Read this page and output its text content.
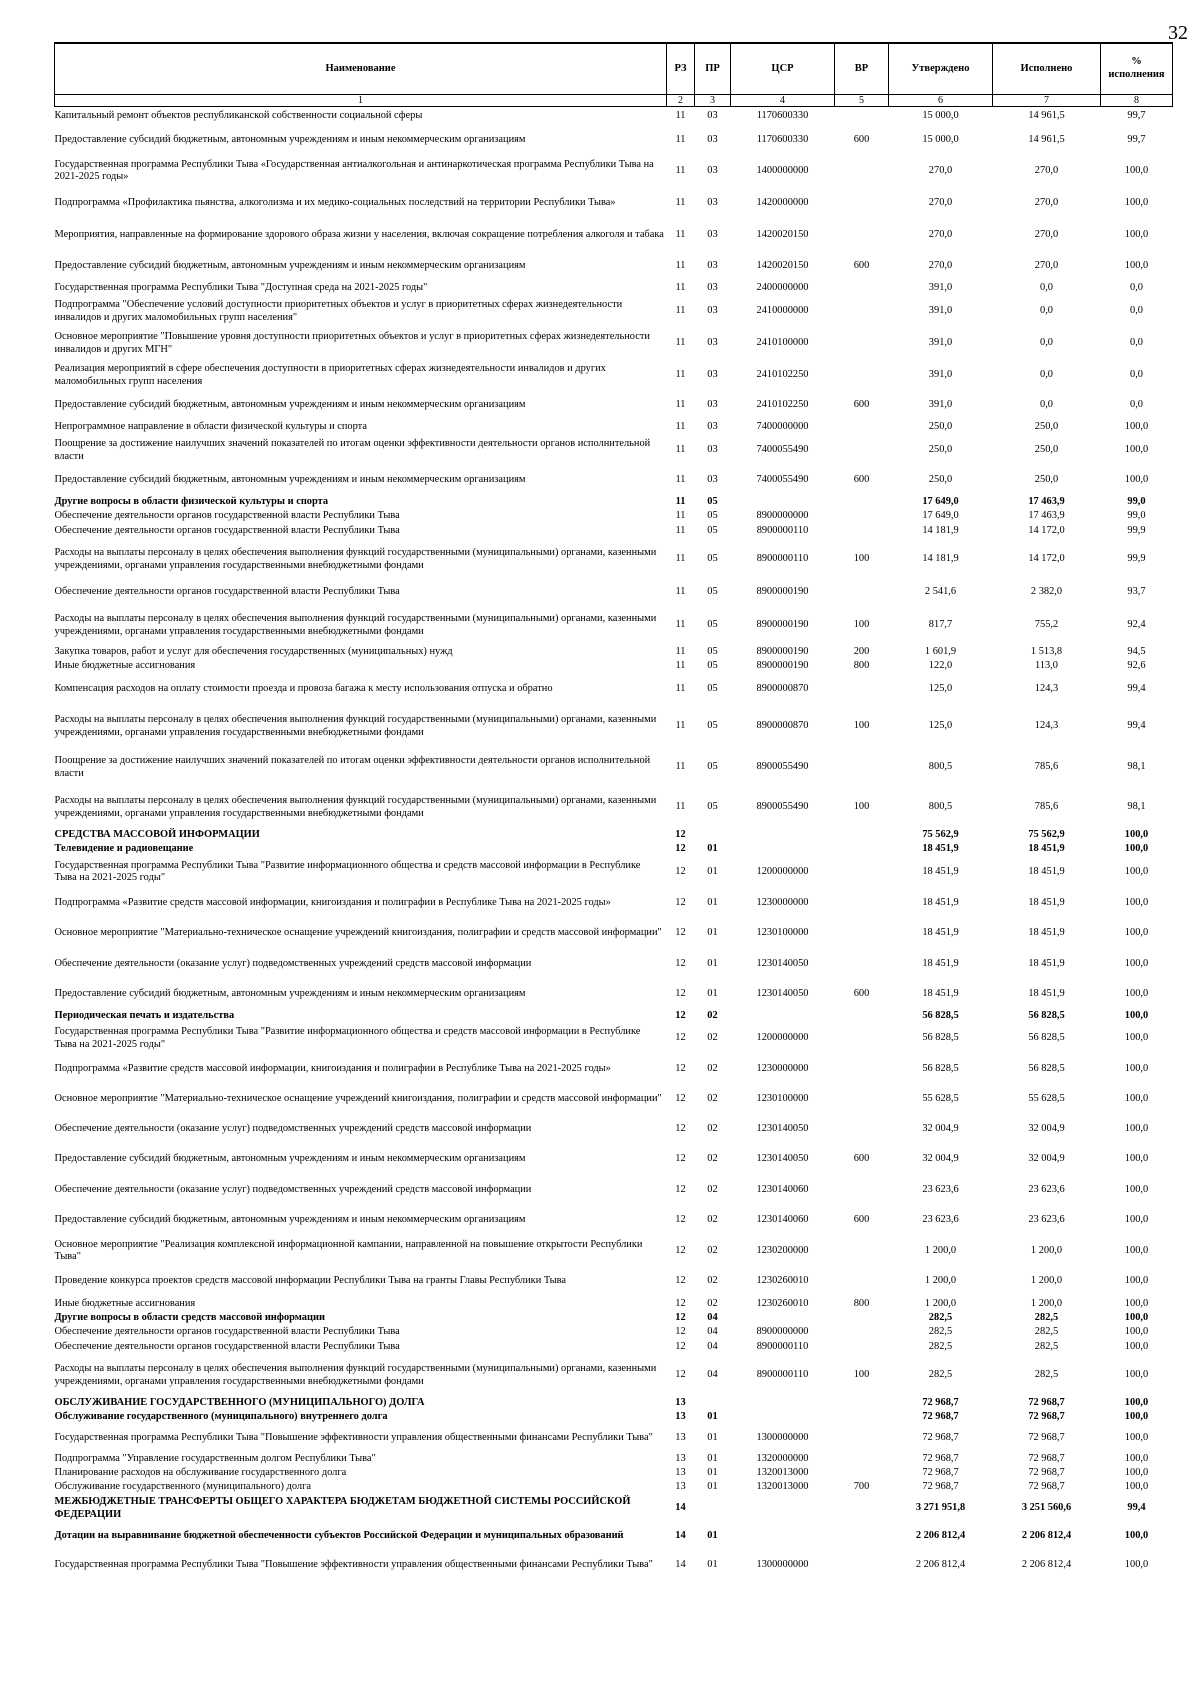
32
Наименование	РЗ	ПР	ЦСР	ВР	Утверждено	Исполнено	%
исполнения
1	2	3	4	5	6	7	8
Капитальный ремонт объектов республиканской собственности социальной сферы	11	03	1170600330		15 000,0	14 961,5	99,7
Предоставление субсидий бюджетным, автономным учреждениям и иным некоммерческим организациям	11	03	1170600330	600	15 000,0	14 961,5	99,7
Государственная программа Республики Тыва «Государственная антиалкогольная и антинаркотическая программа Республики Тыва на 2021-2025 годы»	11	03	1400000000		270,0	270,0	100,0
Подпрограмма «Профилактика пьянства, алкоголизма и их медико-социальных последствий на территории Республики Тыва»	11	03	1420000000		270,0	270,0	100,0
Мероприятия, направленные на формирование здорового образа жизни у населения, включая сокращение потребления алкоголя и табака	11	03	1420020150		270,0	270,0	100,0
Предоставление субсидий бюджетным, автономным учреждениям и иным некоммерческим организациям	11	03	1420020150	600	270,0	270,0	100,0
Государственная программа Республики Тыва "Доступная среда на 2021-2025 годы"	11	03	2400000000		391,0	0,0	0,0
Подпрограмма "Обеспечение условий доступности приоритетных объектов и услуг в приоритетных сферах жизнедеятельности инвалидов и других маломобильных групп населения"	11	03	2410000000		391,0	0,0	0,0
Основное мероприятие "Повышение уровня доступности приоритетных объектов и услуг в приоритетных сферах жизнедеятельности инвалидов и других МГН"	11	03	2410100000		391,0	0,0	0,0
Реализация мероприятий в сфере обеспечения доступности в приоритетных сферах жизнедеятельности инвалидов и других маломобильных групп населения	11	03	2410102250		391,0	0,0	0,0
Предоставление субсидий бюджетным, автономным учреждениям и иным некоммерческим организациям	11	03	2410102250	600	391,0	0,0	0,0
Непрограммное направление в области физической культуры и спорта	11	03	7400000000		250,0	250,0	100,0
Поощрение за достижение наилучших значений показателей по итогам оценки эффективности деятельности органов исполнительной власти	11	03	7400055490		250,0	250,0	100,0
Предоставление субсидий бюджетным, автономным учреждениям и иным некоммерческим организациям	11	03	7400055490	600	250,0	250,0	100,0
Другие вопросы в области физической культуры и спорта	11	05			17 649,0	17 463,9	99,0
Обеспечение деятельности органов государственной власти Республики Тыва	11	05	8900000000		17 649,0	17 463,9	99,0
Обеспечение деятельности органов государственной власти Республики Тыва	11	05	8900000110		14 181,9	14 172,0	99,9
Расходы на выплаты персоналу в целях обеспечения выполнения функций государственными (муниципальными) органами, казенными учреждениями, органами управления государственными внебюджетными фондами	11	05	8900000110	100	14 181,9	14 172,0	99,9
Обеспечение деятельности органов государственной власти Республики Тыва	11	05	8900000190		2 541,6	2 382,0	93,7
Расходы на выплаты персоналу в целях обеспечения выполнения функций государственными (муниципальными) органами, казенными учреждениями, органами управления государственными внебюджетными фондами	11	05	8900000190	100	817,7	755,2	92,4
Закупка товаров, работ и услуг для обеспечения государственных (муниципальных) нужд	11	05	8900000190	200	1 601,9	1 513,8	94,5
Иные бюджетные ассигнования	11	05	8900000190	800	122,0	113,0	92,6
Компенсация расходов на оплату стоимости проезда и провоза багажа к месту использования отпуска и обратно	11	05	8900000870		125,0	124,3	99,4
Расходы на выплаты персоналу в целях обеспечения выполнения функций государственными (муниципальными) органами, казенными учреждениями, органами управления государственными внебюджетными фондами	11	05	8900000870	100	125,0	124,3	99,4
Поощрение за достижение наилучших значений показателей по итогам оценки эффективности деятельности органов исполнительной власти	11	05	8900055490		800,5	785,6	98,1
Расходы на выплаты персоналу в целях обеспечения выполнения функций государственными (муниципальными) органами, казенными учреждениями, органами управления государственными внебюджетными фондами	11	05	8900055490	100	800,5	785,6	98,1
СРЕДСТВА МАССОВОЙ ИНФОРМАЦИИ	12				75 562,9	75 562,9	100,0
Телевидение и радиовещание	12	01			18 451,9	18 451,9	100,0
Государственная программа Республики Тыва "Развитие информационного общества и средств массовой информации в Республике Тыва на 2021-2025 годы"	12	01	1200000000		18 451,9	18 451,9	100,0
Подпрограмма «Развитие средств массовой информации, книгоиздания и полиграфии в Республике Тыва на 2021-2025 годы»	12	01	1230000000		18 451,9	18 451,9	100,0
Основное мероприятие "Материально-техническое оснащение учреждений книгоиздания, полиграфии и средств массовой информации"	12	01	1230100000		18 451,9	18 451,9	100,0
Обеспечение деятельности (оказание услуг) подведомственных учреждений средств массовой информации	12	01	1230140050		18 451,9	18 451,9	100,0
Предоставление субсидий бюджетным, автономным учреждениям и иным некоммерческим организациям	12	01	1230140050	600	18 451,9	18 451,9	100,0
Периодическая печать и издательства	12	02			56 828,5	56 828,5	100,0
Государственная программа Республики Тыва "Развитие информационного общества и средств массовой информации в Республике Тыва на 2021-2025 годы"	12	02	1200000000		56 828,5	56 828,5	100,0
Подпрограмма «Развитие средств массовой информации, книгоиздания и полиграфии в Республике Тыва на 2021-2025 годы»	12	02	1230000000		56 828,5	56 828,5	100,0
Основное мероприятие "Материально-техническое оснащение учреждений книгоиздания, полиграфии и средств массовой информации"	12	02	1230100000		55 628,5	55 628,5	100,0
Обеспечение деятельности (оказание услуг) подведомственных учреждений средств массовой информации	12	02	1230140050		32 004,9	32 004,9	100,0
Предоставление субсидий бюджетным, автономным учреждениям и иным некоммерческим организациям	12	02	1230140050	600	32 004,9	32 004,9	100,0
Обеспечение деятельности (оказание услуг) подведомственных учреждений средств массовой информации	12	02	1230140060		23 623,6	23 623,6	100,0
Предоставление субсидий бюджетным, автономным учреждениям и иным некоммерческим организациям	12	02	1230140060	600	23 623,6	23 623,6	100,0
Основное мероприятие "Реализация комплексной информационной кампании, направленной на повышение открытости Республики Тыва"	12	02	1230200000		1 200,0	1 200,0	100,0
Проведение конкурса проектов средств массовой информации Республики Тыва на гранты Главы Республики Тыва	12	02	1230260010		1 200,0	1 200,0	100,0
Иные бюджетные ассигнования	12	02	1230260010	800	1 200,0	1 200,0	100,0
Другие вопросы в области средств массовой информации	12	04			282,5	282,5	100,0
Обеспечение деятельности органов государственной власти Республики Тыва	12	04	8900000000		282,5	282,5	100,0
Обеспечение деятельности органов государственной власти Республики Тыва	12	04	8900000110		282,5	282,5	100,0
Расходы на выплаты персоналу в целях обеспечения выполнения функций государственными (муниципальными) органами, казенными учреждениями, органами управления государственными внебюджетными фондами	12	04	8900000110	100	282,5	282,5	100,0
ОБСЛУЖИВАНИЕ ГОСУДАРСТВЕННОГО (МУНИЦИПАЛЬНОГО) ДОЛГА	13				72 968,7	72 968,7	100,0
Обслуживание государственного (муниципального) внутреннего долга	13	01			72 968,7	72 968,7	100,0
Государственная программа Республики Тыва "Повышение эффективности управления общественными финансами Республики Тыва"	13	01	1300000000		72 968,7	72 968,7	100,0
Подпрограмма "Управление государственным долгом Республики Тыва"	13	01	1320000000		72 968,7	72 968,7	100,0
Планирование расходов на обслуживание государственного долга	13	01	1320013000		72 968,7	72 968,7	100,0
Обслуживание государственного (муниципального) долга	13	01	1320013000	700	72 968,7	72 968,7	100,0
МЕЖБЮДЖЕТНЫЕ ТРАНСФЕРТЫ ОБЩЕГО ХАРАКТЕРА БЮДЖЕТАМ БЮДЖЕТНОЙ СИСТЕМЫ РОССИЙСКОЙ ФЕДЕРАЦИИ	14				3 271 951,8	3 251 560,6	99,4
Дотации на выравнивание бюджетной обеспеченности субъектов Российской Федерации и муниципальных образований	14	01			2 206 812,4	2 206 812,4	100,0
Государственная программа Республики Тыва "Повышение эффективности управления общественными финансами Республики Тыва"	14	01	1300000000		2 206 812,4	2 206 812,4	100,0
